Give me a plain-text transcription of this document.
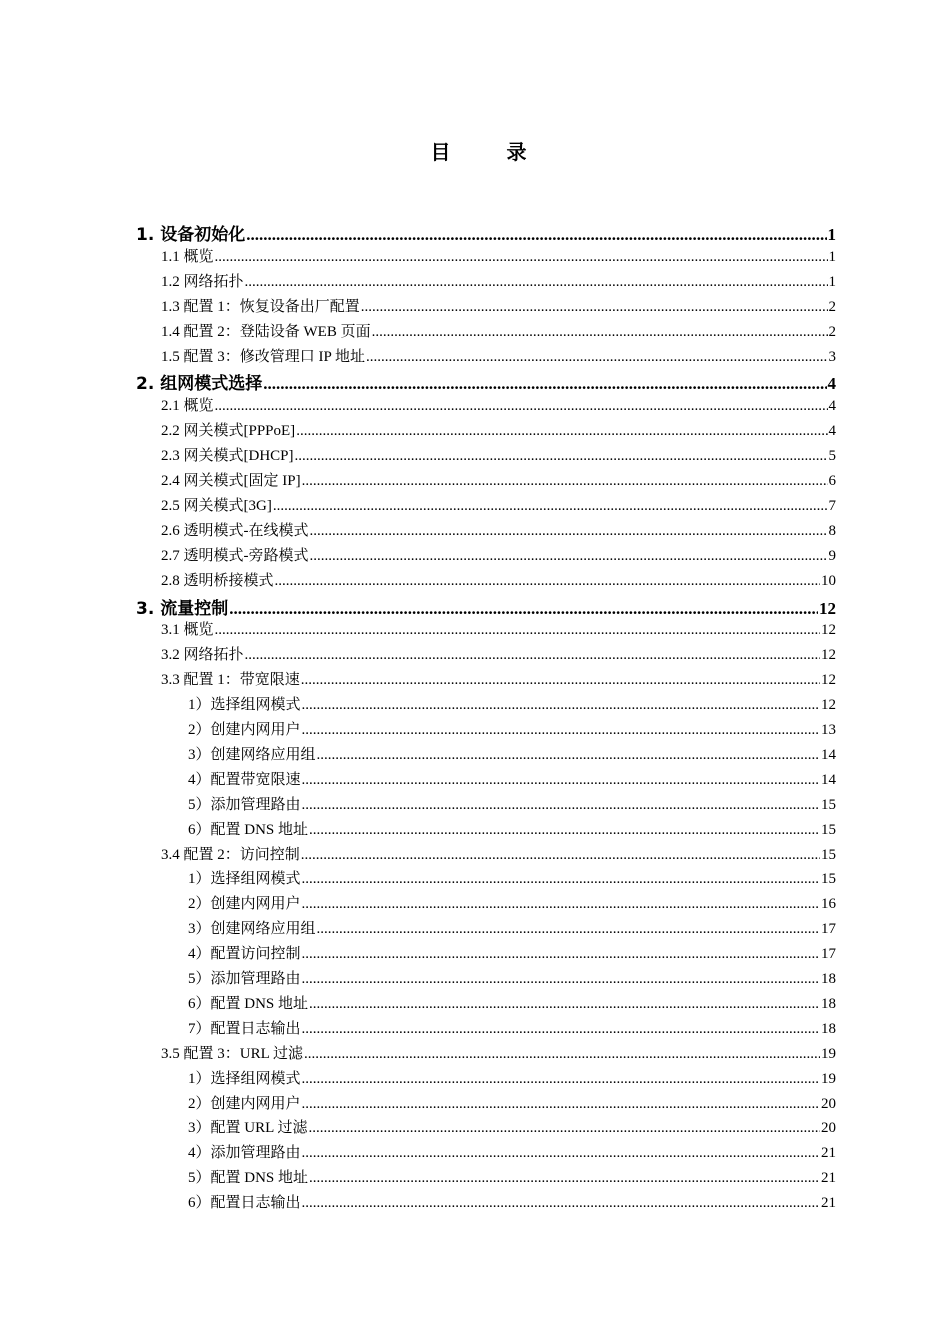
目　录
1. 设备初始化 .....	1
1.1 概览 .....	1
1.2 网络拓扑 .....	1
1.3 配置 1：恢复设备出厂配置 .....	2
1.4 配置 2：登陆设备 WEB 页面 .....	2
1.5 配置 3：修改管理口 IP 地址 .....	3
2. 组网模式选择 .....	4
2.1 概览 .....	4
2.2 网关模式[PPPoE] .....	4
2.3 网关模式[DHCP] .....	5
2.4 网关模式[固定 IP] .....	6
2.5 网关模式[3G] .....	7
2.6 透明模式-在线模式 .....	8
2.7 透明模式-旁路模式 .....	9
2.8 透明桥接模式 .....	10
3. 流量控制 .....	12
3.1 概览 .....	12
3.2 网络拓扑 .....	12
3.3 配置 1：带宽限速 .....	12
1）选择组网模式 .....	12
2）创建内网用户 .....	13
3）创建网络应用组 .....	14
4）配置带宽限速 .....	14
5）添加管理路由 .....	15
6）配置 DNS 地址 .....	15
3.4 配置 2：访问控制 .....	15
1）选择组网模式 .....	15
2）创建内网用户 .....	16
3）创建网络应用组 .....	17
4）配置访问控制 .....	17
5）添加管理路由 .....	18
6）配置 DNS 地址 .....	18
7）配置日志输出 .....	18
3.5 配置 3：URL 过滤 .....	19
1）选择组网模式 .....	19
2）创建内网用户 .....	20
3）配置 URL 过滤 .....	20
4）添加管理路由 .....	21
5）配置 DNS 地址 .....	21
6）配置日志输出 .....	21
